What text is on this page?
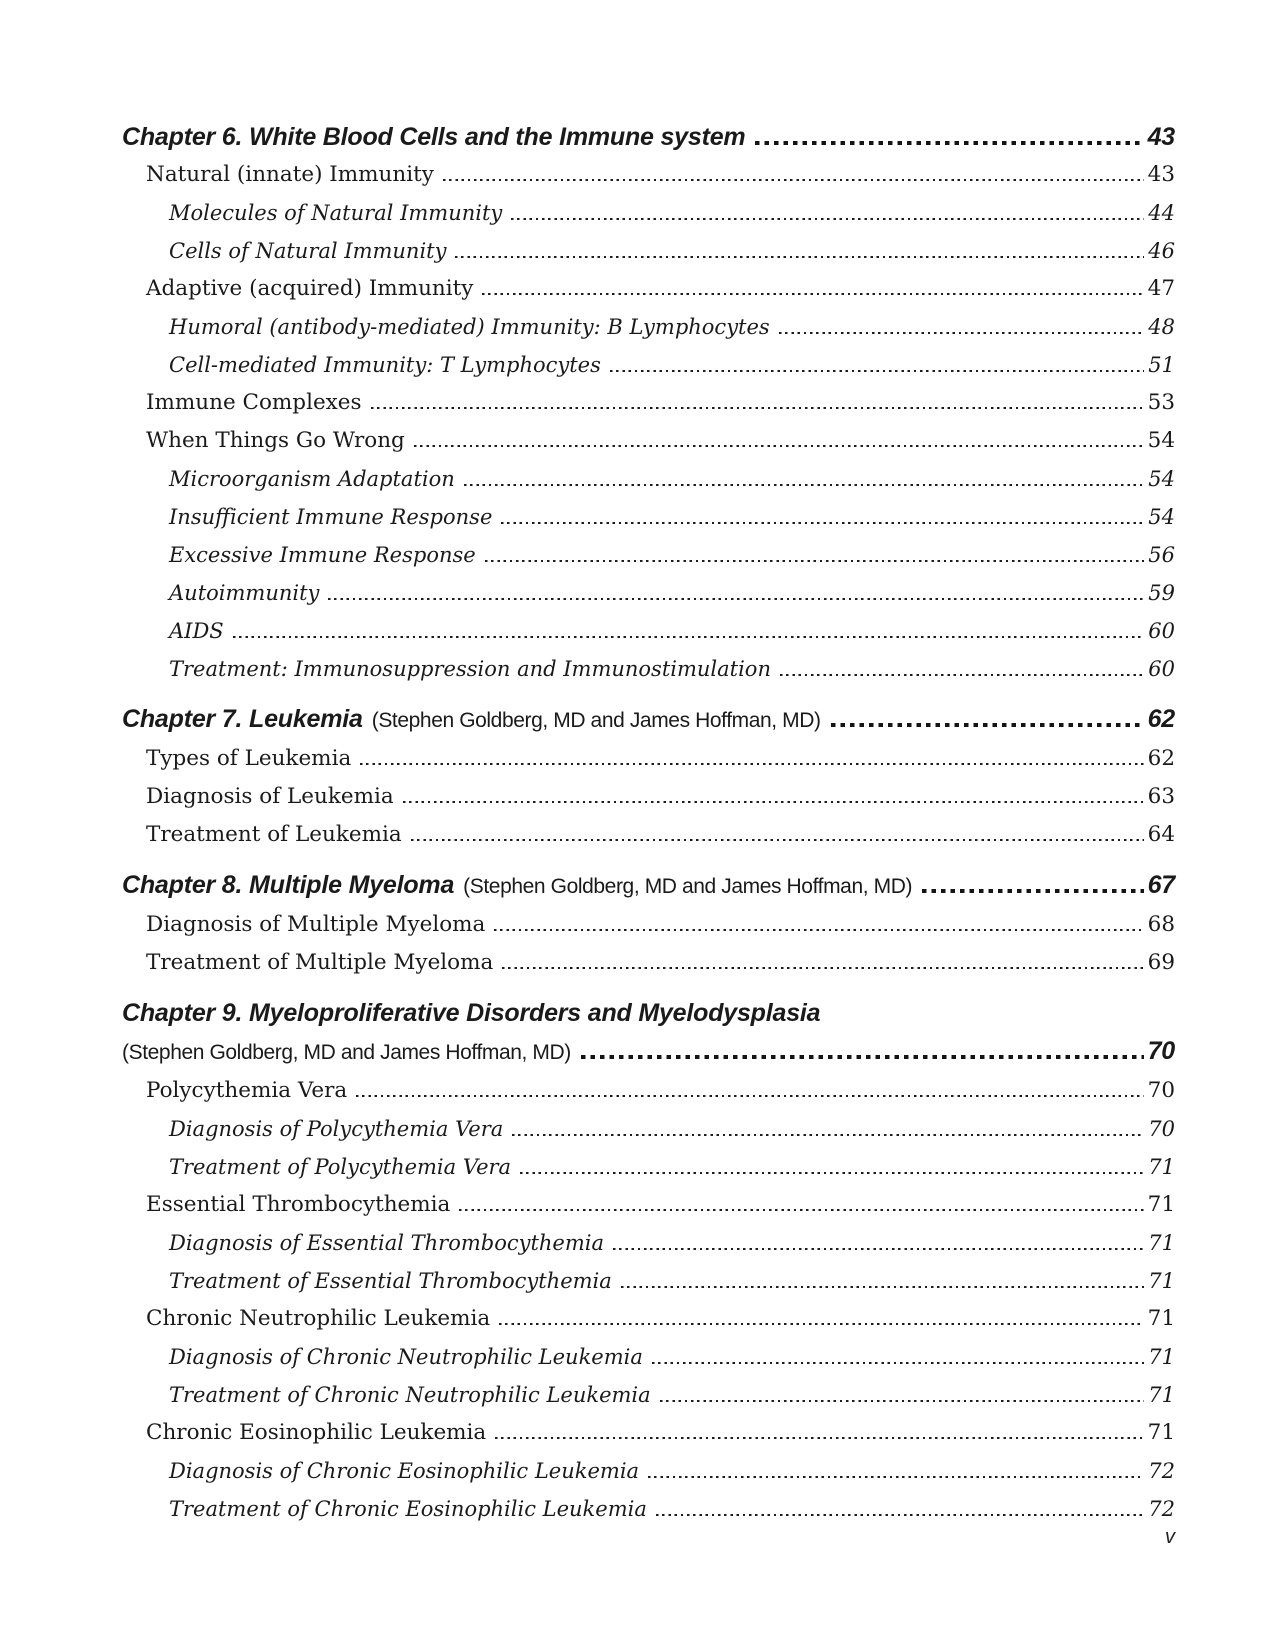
Chapter 6. White Blood Cells and the Immune system	43
Natural (innate) Immunity	43
Molecules of Natural Immunity	44
Cells of Natural Immunity	46
Adaptive (acquired) Immunity	47
Humoral (antibody-mediated) Immunity: B Lymphocytes	48
Cell-mediated Immunity: T Lymphocytes	51
Immune Complexes	53
When Things Go Wrong	54
Microorganism Adaptation	54
Insufficient Immune Response	54
Excessive Immune Response	56
Autoimmunity	59
AIDS	60
Treatment: Immunosuppression and Immunostimulation	60
Chapter 7. Leukemia (Stephen Goldberg, MD and James Hoffman, MD)	62
Types of Leukemia	62
Diagnosis of Leukemia	63
Treatment of Leukemia	64
Chapter 8. Multiple Myeloma (Stephen Goldberg, MD and James Hoffman, MD)	67
Diagnosis of Multiple Myeloma	68
Treatment of Multiple Myeloma	69
Chapter 9. Myeloproliferative Disorders and Myelodysplasia
(Stephen Goldberg, MD and James Hoffman, MD)	70
Polycythemia Vera	70
Diagnosis of Polycythemia Vera	70
Treatment of Polycythemia Vera	71
Essential Thrombocythemia	71
Diagnosis of Essential Thrombocythemia	71
Treatment of Essential Thrombocythemia	71
Chronic Neutrophilic Leukemia	71
Diagnosis of Chronic Neutrophilic Leukemia	71
Treatment of Chronic Neutrophilic Leukemia	71
Chronic Eosinophilic Leukemia	71
Diagnosis of Chronic Eosinophilic Leukemia	72
Treatment of Chronic Eosinophilic Leukemia	72
v
